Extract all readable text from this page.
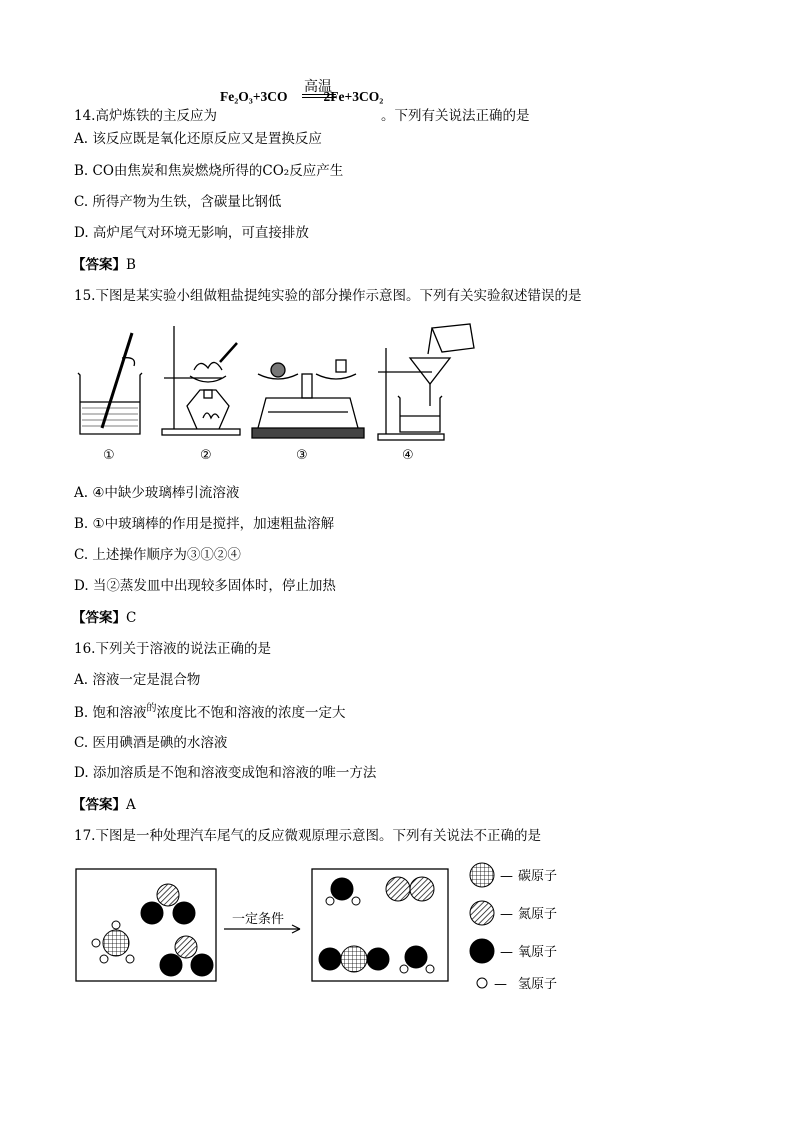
高温
Fe₂O₃+3CO	2Fe+3CO₂
14.高炉炼铁的主反应为	。下列有关说法正确的是
A. 该反应既是氧化还原反应又是置换反应
B. CO由焦炭和焦炭燃烧所得的CO₂反应产生
C. 所得产物为生铁，含碳量比钢低
D. 高炉尾气对环境无影响，可直接排放
【答案】B
15.下图是某实验小组做粗盐提纯实验的部分操作示意图。下列有关实验叙述错误的是
①	②	③	④
A. ④中缺少玻璃棒引流溶液
B. ①中玻璃棒的作用是搅拌，加速粗盐溶解
C. 上述操作顺序为③①②④
D. 当②蒸发皿中出现较多固体时，停止加热
【答案】C
16.下列关于溶液的说法正确的是
A. 溶液一定是混合物
B. 饱和溶液$^的$浓度比不饱和溶液的浓度一定大
C. 医用碘酒是碘的水溶液
D. 添加溶质是不饱和溶液变成饱和溶液的唯一方法
【答案】A
17.下图是一种处理汽车尾气的反应微观原理示意图。下列有关说法不正确的是
一定条件
— 碳原子
— 氮原子
— 氧原子
— 氢原子
